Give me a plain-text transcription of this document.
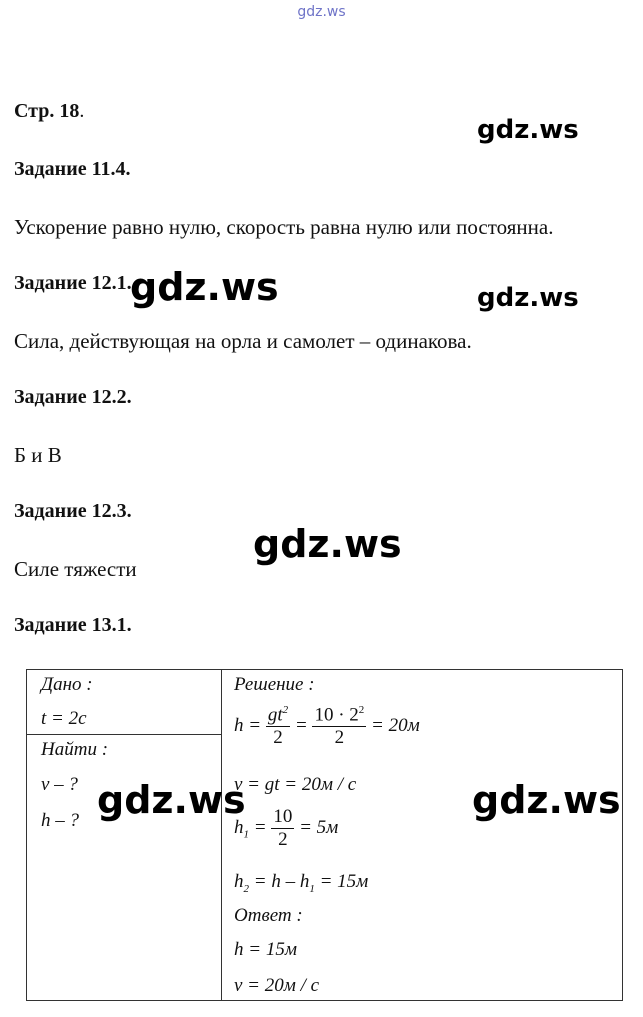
gdz.ws
Стр. 18.
Задание 11.4.
Ускорение равно нулю, скорость равна нулю или постоянна.
Задание 12.1.
Сила, действующая на орла и самолет – одинакова.
Задание 12.2.
Б и В
Задание 12.3.
Силе тяжести
Задание 13.1.
Дано :
t = 2с
Найти :
v – ?
h – ?

Решение :
$h = \frac{gt^2}{2} = \frac{10 \cdot 2^2}{2} = 20м$
v = gt = 20м / с
$h_1 = \frac{10}{2} = 5м$
$h_2 = h - h_1 = 15м$
Ответ :
h = 15м
v = 20м / с
gdz.ws
gdz.ws	gdz.ws
gdz.ws
gdz.ws	gdz.ws
